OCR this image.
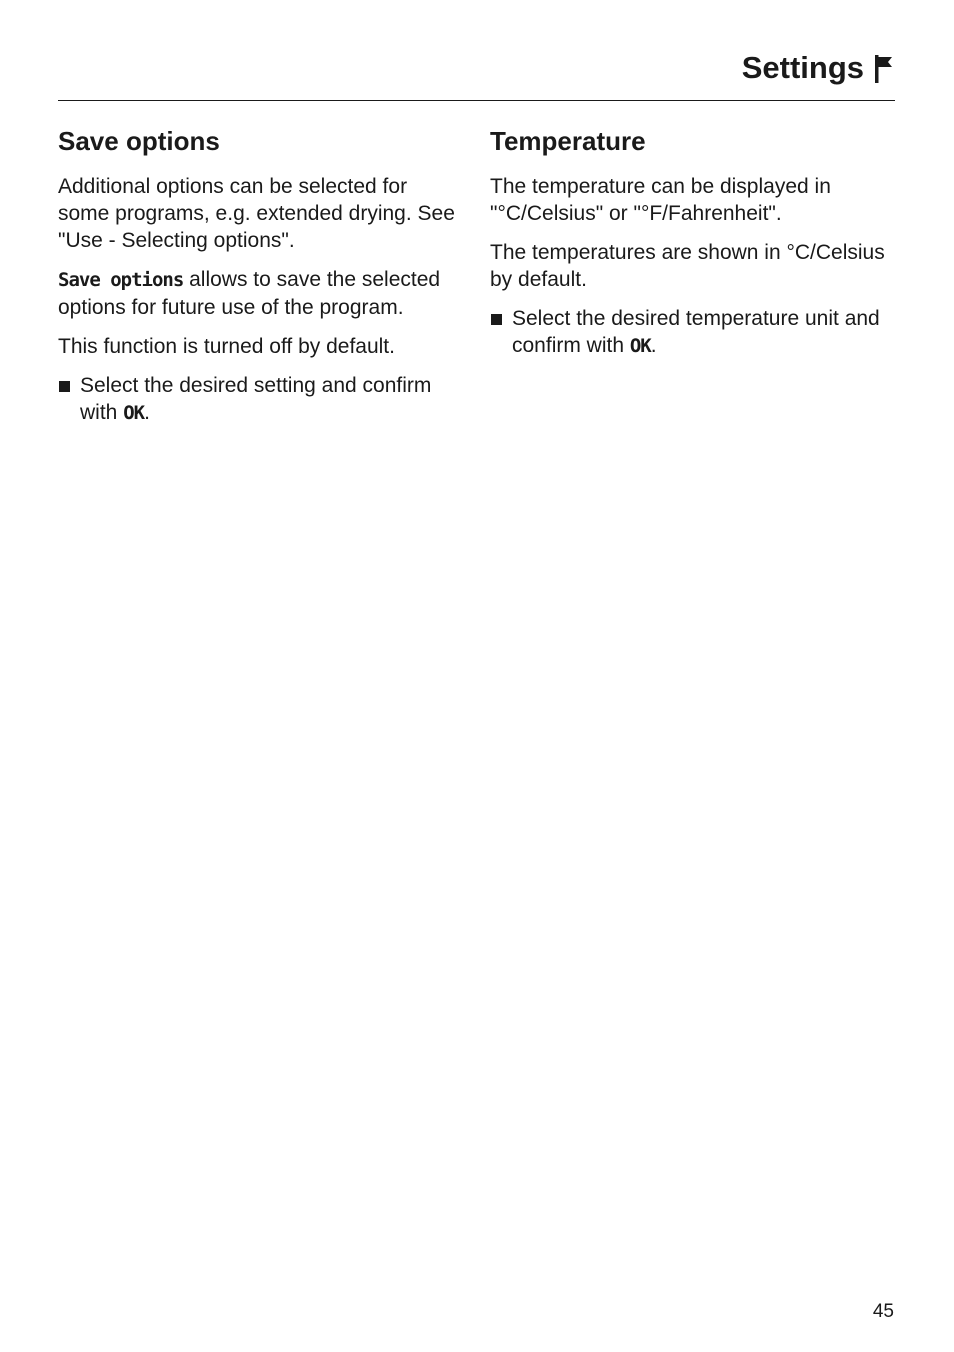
Settings
Save options

Additional options can be selected for some programs, e.g. extended drying. See "Use - Selecting options".

Save options allows to save the selected options for future use of the program.

This function is turned off by default.

Select the desired setting and confirm with OK.
Temperature

The temperature can be displayed in "°C/Celsius" or "°F/Fahrenheit".

The temperatures are shown in °C/Celsius by default.

Select the desired temperature unit and confirm with OK.
45
